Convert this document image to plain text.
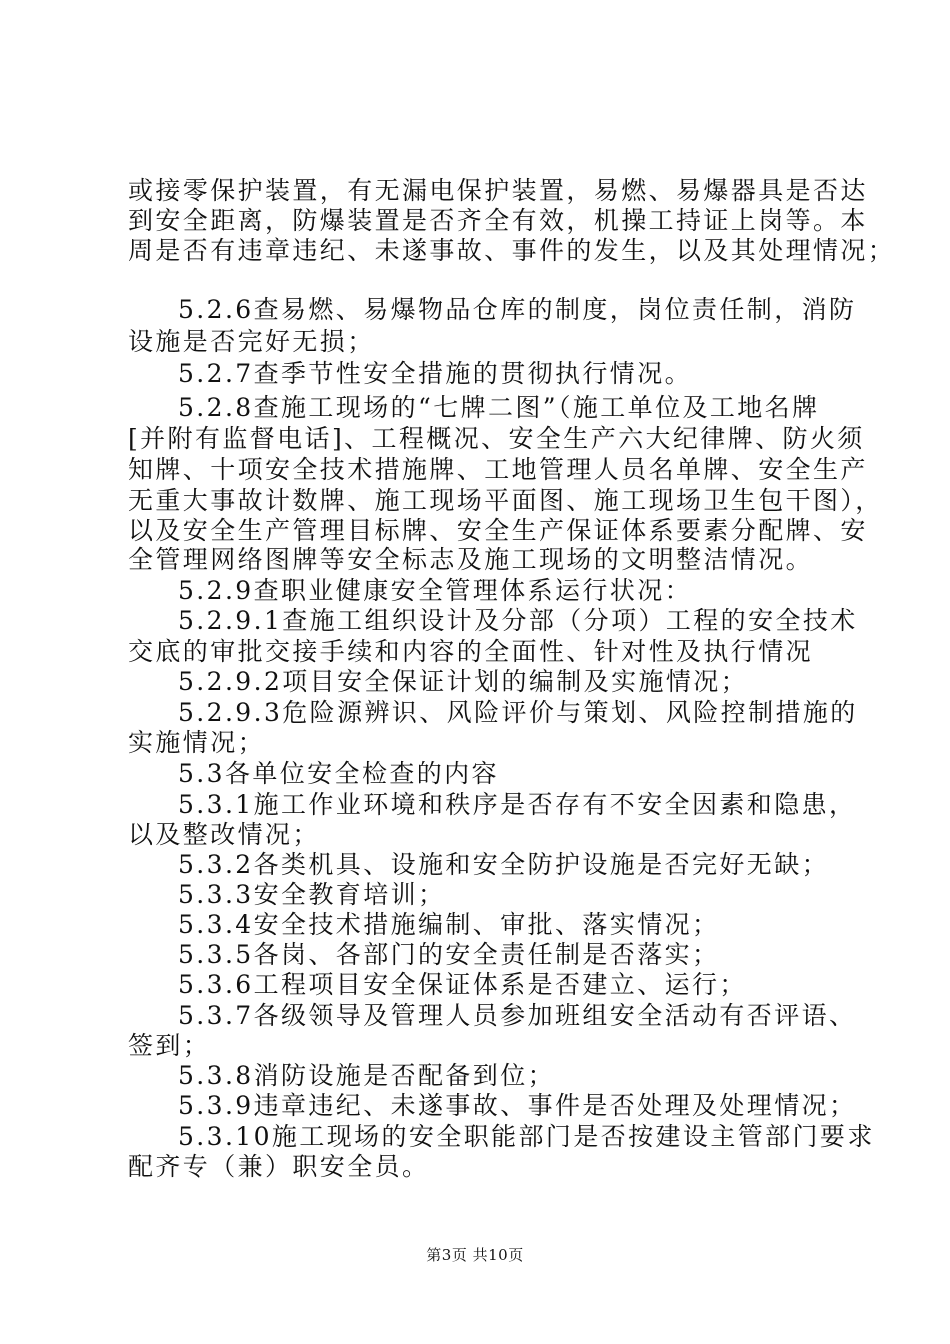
或接零保护装置，有无漏电保护装置，易燃、易爆器具是否达
到安全距离，防爆装置是否齐全有效，机操工持证上岗等。本
周是否有违章违纪、未遂事故、事件的发生，以及其处理情况；
5.2.6查易燃、易爆物品仓库的制度，岗位责任制，消防
设施是否完好无损；
5.2.7查季节性安全措施的贯彻执行情况。
5.2.8查施工现场的“七牌二图”（施工单位及工地名牌
[并附有监督电话]、工程概况、安全生产六大纪律牌、防火须
知牌、十项安全技术措施牌、工地管理人员名单牌、安全生产
无重大事故计数牌、施工现场平面图、施工现场卫生包干图），
以及安全生产管理目标牌、安全生产保证体系要素分配牌、安
全管理网络图牌等安全标志及施工现场的文明整洁情况。
5.2.9查职业健康安全管理体系运行状况：
5.2.9.1查施工组织设计及分部（分项）工程的安全技术
交底的审批交接手续和内容的全面性、针对性及执行情况
5.2.9.2项目安全保证计划的编制及实施情况；
5.2.9.3危险源辨识、风险评价与策划、风险控制措施的
实施情况；
5.3各单位安全检查的内容
5.3.1施工作业环境和秩序是否存有不安全因素和隐患，
以及整改情况；
5.3.2各类机具、设施和安全防护设施是否完好无缺；
5.3.3安全教育培训；
5.3.4安全技术措施编制、审批、落实情况；
5.3.5各岗、各部门的安全责任制是否落实；
5.3.6工程项目安全保证体系是否建立、运行；
5.3.7各级领导及管理人员参加班组安全活动有否评语、
签到；
5.3.8消防设施是否配备到位；
5.3.9违章违纪、未遂事故、事件是否处理及处理情况；
5.3.10施工现场的安全职能部门是否按建设主管部门要求
配齐专（兼）职安全员。
第3页 共10页
